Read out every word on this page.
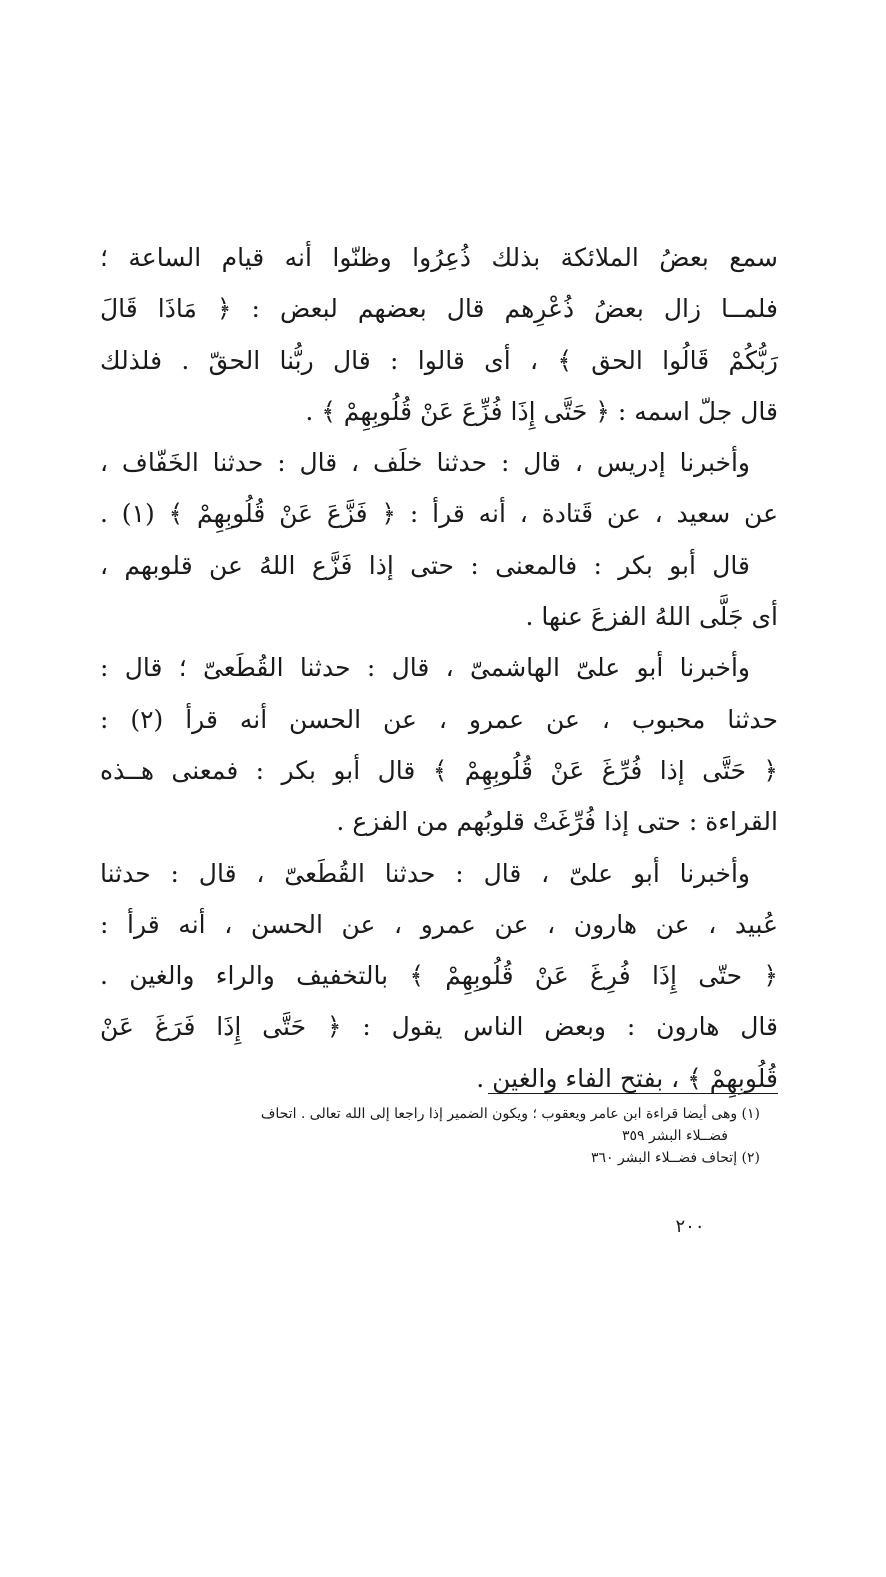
سمع بعضُ الملائكة بذلك ذُعِرُوا وظنّوا أنه قيام الساعة ؛
فلمــا زال بعضُ ذُعْرِهم قال بعضهم لبعض : ﴿ مَاذَا قَالَ
رَبُّكُمْ قَالُوا الحق ﴾ ، أى قالوا : قال ربُّنا الحقّ . فلذلك
قال جلّ اسمه : ﴿ حَتَّى إِذَا فُزِّعَ عَنْ قُلُوبِهِمْ ﴾ .
وأخبرنا إدريس ، قال : حدثنا خلَف ، قال : حدثنا الخَفّاف ،
عن سعيد ، عن قَتادة ، أنه قرأ : ﴿ فَزَّعَ عَنْ قُلُوبِهِمْ ﴾ (١) .
قال أبو بكر : فالمعنى : حتى إذا فَزَّع اللهُ عن قلوبهم ،
أى جَلَّى اللهُ الفزعَ عنها .
وأخبرنا أبو علىّ الهاشمىّ ، قال : حدثنا القُطَعىّ ؛ قال :
حدثنا محبوب ، عن عمرو ، عن الحسن أنه قرأ (٢) :
﴿ حَتَّى إذا فُرِّغَ عَنْ قُلُوبِهِمْ ﴾ قال أبو بكر : فمعنى هــذه
القراءة : حتى إذا فُرِّغَتْ قلوبُهم من الفزع .
وأخبرنا أبو علىّ ، قال : حدثنا القُطَعىّ ، قال : حدثنا
عُبيد ، عن هارون ، عن عمرو ، عن الحسن ، أنه قرأ :
﴿ حتّى إِذَا فُرِغَ عَنْ قُلُوبِهِمْ ﴾ بالتخفيف والراء والغين .
قال هارون : وبعض الناس يقول : ﴿ حَتَّى إِذَا فَرَغَ عَنْ
قُلُوبِهِمْ ﴾ ، بفتح الفاء والغين .
(١) وهى أيضا قراءة ابن عامر ويعقوب ؛ ويكون الضمير إذا راجعا إلى الله تعالى . اتحاف
فضــلاء البشر ٣٥٩
(٢) إتحاف فضــلاء البشر ٣٦٠
٢٠٠
